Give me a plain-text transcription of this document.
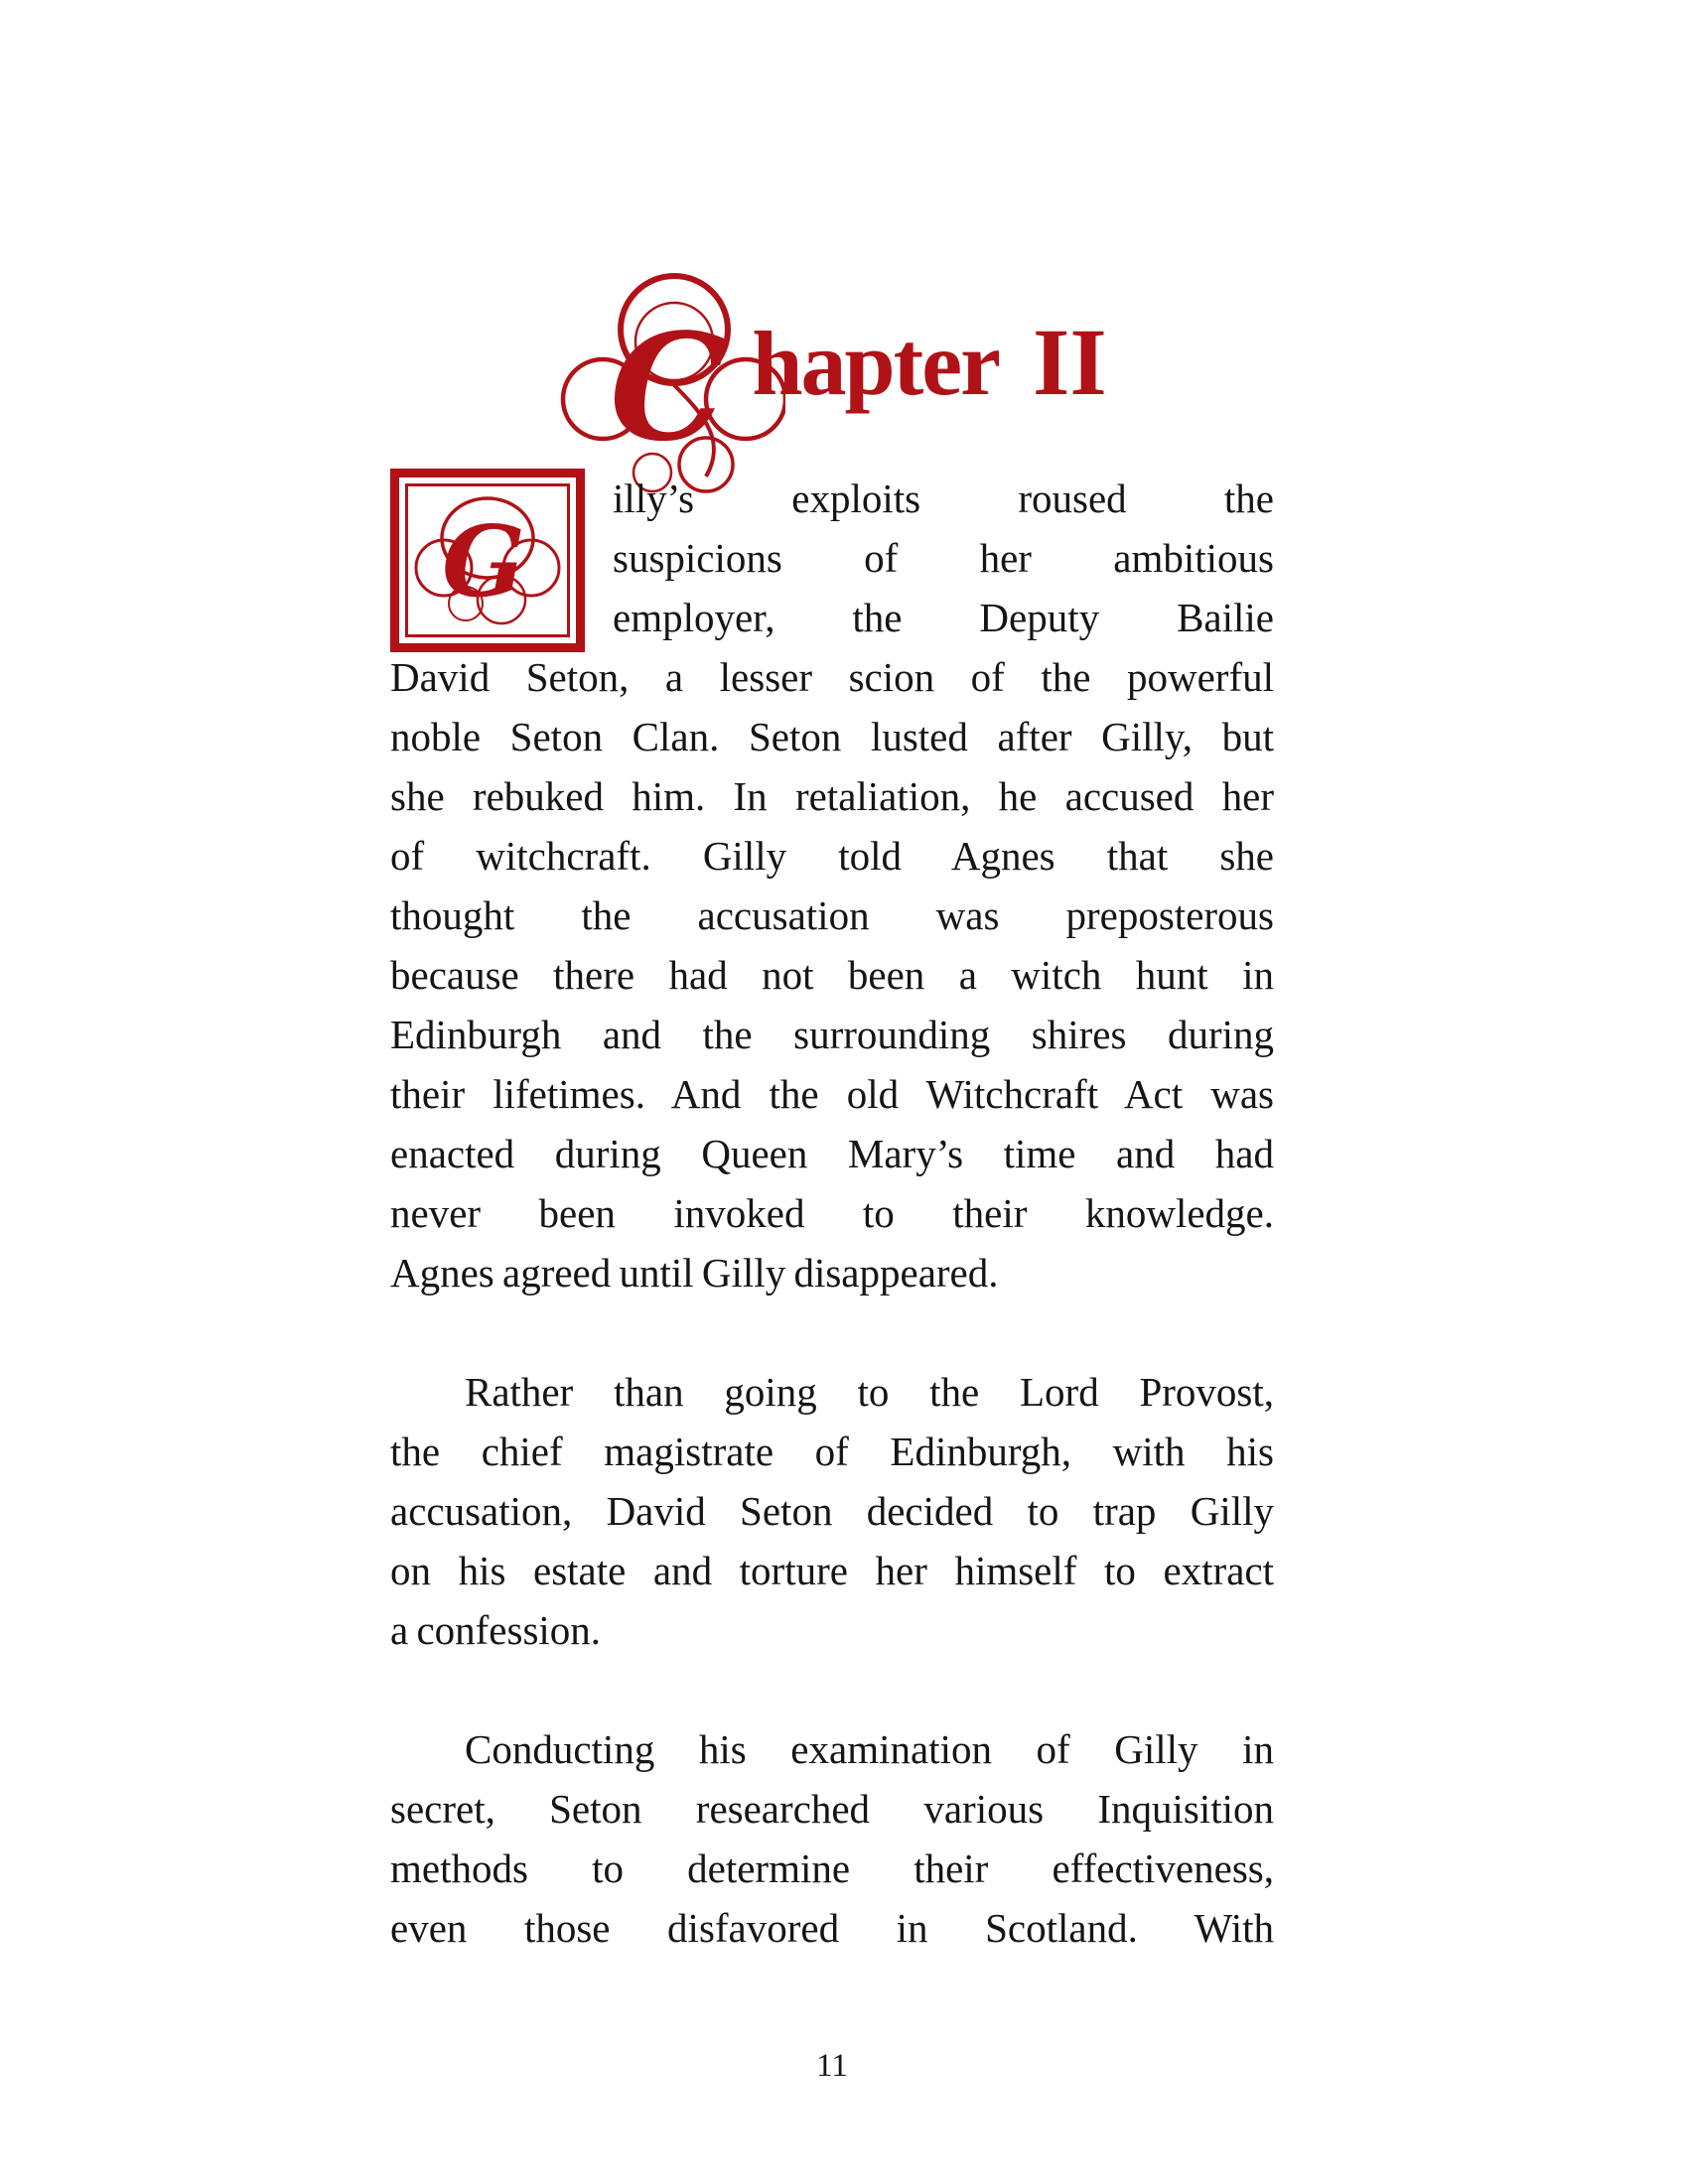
C hapter II
G
illy’s exploits roused the
suspicions of her ambitious
employer, the Deputy Bailie
David Seton, a lesser scion of the powerful
noble Seton Clan. Seton lusted after Gilly, but
she rebuked him. In retaliation, he accused her
of witchcraft. Gilly told Agnes that she
thought the accusation was preposterous
because there had not been a witch hunt in
Edinburgh and the surrounding shires during
their lifetimes. And the old Witchcraft Act was
enacted during Queen Mary’s time and had
never been invoked to their knowledge.
Agnes agreed until Gilly disappeared.
Rather than going to the Lord Provost,
the chief magistrate of Edinburgh, with his
accusation, David Seton decided to trap Gilly
on his estate and torture her himself to extract
a confession.
Conducting his examination of Gilly in
secret, Seton researched various Inquisition
methods to determine their effectiveness,
even those disfavored in Scotland. With
11
